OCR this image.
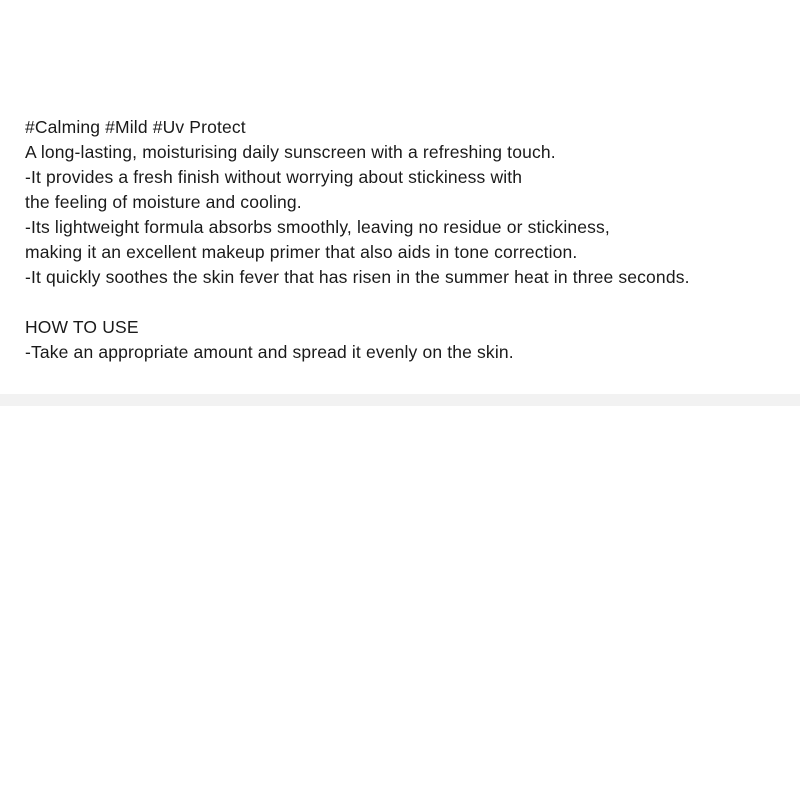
#Calming #Mild #Uv Protect
A long-lasting, moisturising daily sunscreen with a refreshing touch.
-It provides a fresh finish without worrying about stickiness with
the feeling of moisture and cooling.
-Its lightweight formula absorbs smoothly, leaving no residue or stickiness,
making it an excellent makeup primer that also aids in tone correction.
-It quickly soothes the skin fever that has risen in the summer heat in three seconds.
HOW TO USE
-Take an appropriate amount and spread it evenly on the skin.
